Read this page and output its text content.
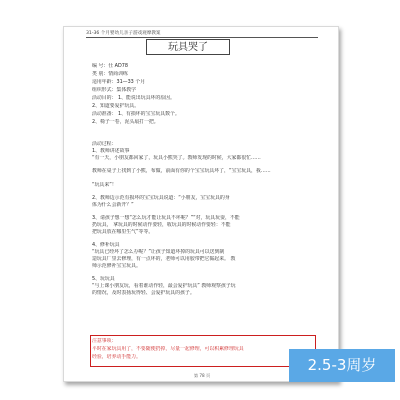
31-36 个月婴幼儿亲子游戏观摩教案
玩具哭了
编 号：仕 AD78
类 别：情商训练
适用年龄：31—33 个月
组织形式：集体教学
活动目的： 1、能说出玩具坏的原因。
2、知道要爱护玩具。
活动准备： 1、有损坏的宝宝玩具数个。
2、椅子一卷，泥头扇打一把。
活动过程：
1、教师讲述故事
“有一天，小朋友都回家了，玩具小熊哭了。教师发现的时候，大家都很忙……
教师在桌子上找到了小熊，布做，前面有你的个宝宝玩具坏了，“宝宝玩具，我……
“玩具来”！
2、教师边示范有损坏的宝宝玩具说道：“小朋友，宝宝玩具的身
体为什么会新开？”
3、请孩子想一想“怎么玩才能让玩具不坏呢？”“对，玩具玩耍，不能
扔玩具， 拿玩具的时候动作要轻，收玩具的时候动作要轻：不能
把玩具放在哪里生气”等等。
4、修补玩具
“玩具已经坏了怎么办呢？”让孩子知道坏掉的玩具可以送到制
造玩具厂里去修理，有一点坏的，老师可以用胶带把它黏起来。 教
师示范修补宝宝玩具。
5、玩玩具
“与上课小朋友玩，看着谁动作轻，最会爱护玩具” 教师观察孩子玩
的情况，及时表扬玩得轻、会爱护玩具的孩子。
注意事项：
平时在家玩具用了，不要随便扔掉，尽量一起修理，可以积累修理玩具
经验，培养动手能力。
第 78 页
2.5-3周岁
